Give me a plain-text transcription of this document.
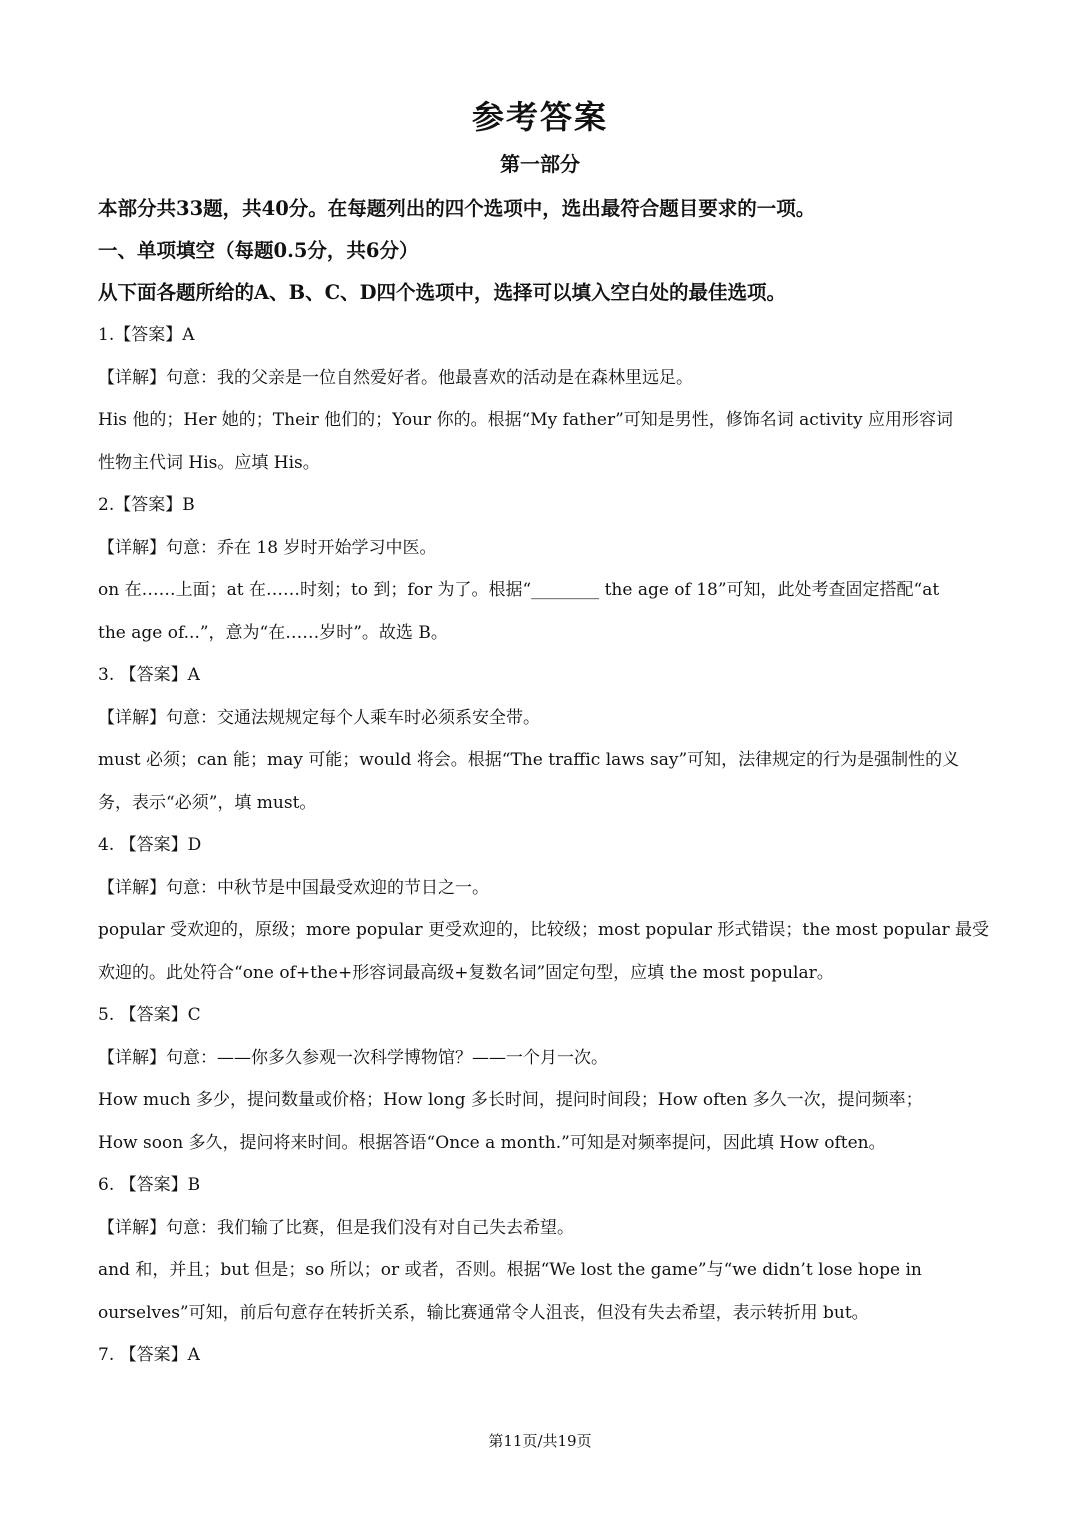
参考答案
第一部分
本部分共33题，共40分。在每题列出的四个选项中，选出最符合题目要求的一项。
一、单项填空（每题0.5分，共6分）
从下面各题所给的A、B、C、D四个选项中，选择可以填入空白处的最佳选项。
1.【答案】A
【详解】句意：我的父亲是一位自然爱好者。他最喜欢的活动是在森林里远足。
His 他的；Her 她的；Their 他们的；Your 你的。根据“My father”可知是男性，修饰名词 activity 应用形容词
性物主代词 His。应填 His。
2.【答案】B
【详解】句意：乔在 18 岁时开始学习中医。
on 在……上面；at 在……时刻；to 到；for 为了。根据“________ the age of 18”可知，此处考查固定搭配“at
the age of...”，意为“在……岁时”。故选 B。
3. 【答案】A
【详解】句意：交通法规规定每个人乘车时必须系安全带。
must 必须；can 能；may 可能；would 将会。根据“The traffic laws say”可知，法律规定的行为是强制性的义
务，表示“必须”，填 must。
4. 【答案】D
【详解】句意：中秋节是中国最受欢迎的节日之一。
popular 受欢迎的，原级；more popular 更受欢迎的，比较级；most popular 形式错误；the most popular 最受
欢迎的。此处符合“one of+the+形容词最高级+复数名词”固定句型，应填 the most popular。
5. 【答案】C
【详解】句意：——你多久参观一次科学博物馆？——一个月一次。
How much 多少，提问数量或价格；How long 多长时间，提问时间段；How often 多久一次，提问频率；
How soon 多久，提问将来时间。根据答语“Once a month.”可知是对频率提问，因此填 How often。
6. 【答案】B
【详解】句意：我们输了比赛，但是我们没有对自己失去希望。
and 和，并且；but 但是；so 所以；or 或者，否则。根据“We lost the game”与“we didn’t lose hope in
ourselves”可知，前后句意存在转折关系，输比赛通常令人沮丧，但没有失去希望，表示转折用 but。
7. 【答案】A
第11页/共19页
